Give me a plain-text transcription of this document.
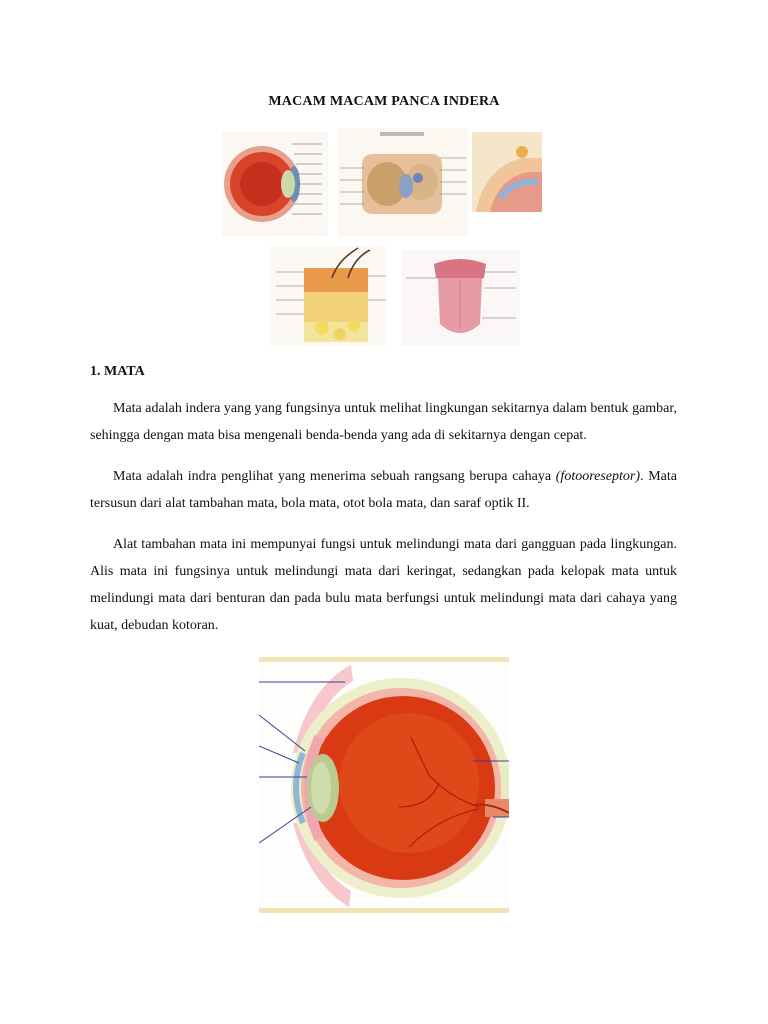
MACAM MACAM PANCA INDERA
1. MATA

Mata adalah indera yang yang fungsinya untuk melihat lingkungan sekitarnya dalam bentuk gambar, sehingga dengan mata bisa mengenali benda-benda yang ada di sekitarnya dengan cepat.

Mata adalah indra penglihat yang menerima sebuah rangsang berupa cahaya (fotooreseptor). Mata tersusun dari alat tambahan mata, bola mata, otot bola mata, dan saraf optik II.

Alat tambahan mata ini mempunyai fungsi untuk melindungi mata dari gangguan pada lingkungan. Alis mata ini fungsinya untuk melindungi mata dari keringat, sedangkan pada kelopak mata untuk melindungi mata dari benturan dan pada bulu mata berfungsi untuk melindungi mata dari cahaya yang kuat, debudan kotoran.
